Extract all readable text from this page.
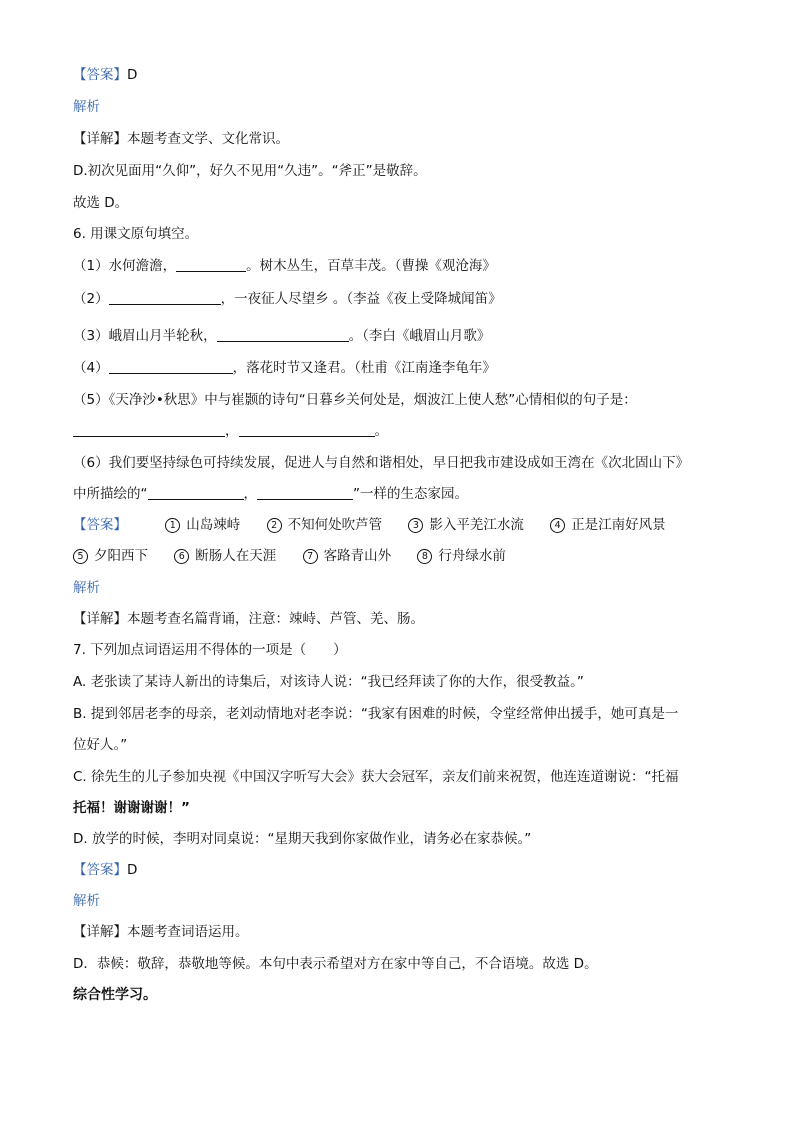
【答案】D
解析
【详解】本题考查文学、文化常识。
D.初次见面用“久仰”，好久不见用“久违”。“斧正”是敬辞。
故选 D。
6. 用课文原句填空。
（1）水何澹澹，	。树木丛生，百草丰茂。（曹操《观沧海》
（2）	，一夜征人尽望乡 。（李益《夜上受降城闻笛》
（3）峨眉山月半轮秋，	。（李白《峨眉山月歌》
（4）	，落花时节又逢君。（杜甫《江南逢李龟年》
（5）《天净沙•秋思》中与崔颢的诗句“日暮乡关何处是，烟波江上使人愁”心情相似的句子是：
，	。
（6）我们要坚持绿色可持续发展，促进人与自然和谐相处，早日把我市建设成如王湾在《次北固山下》
中所描绘的“	，	”一样的生态家园。
【答案】	1 山岛竦峙	2 不知何处吹芦管	3 影入平羌江水流	4 正是江南好风景
5 夕阳西下	6 断肠人在天涯	7 客路青山外	8 行舟绿水前
解析
【详解】本题考查名篇背诵，注意：竦峙、芦管、羌、肠。
7. 下列加点词语运用不得体的一项是（　　）
A. 老张读了某诗人新出的诗集后，对该诗人说：“我已经拜读了你的大作，很受教益。”
B. 提到邻居老李的母亲，老刘动情地对老李说：“我家有困难的时候，令堂经常伸出援手，她可真是一
位好人。”
C. 徐先生的儿子参加央视《中国汉字听写大会》获大会冠军，亲友们前来祝贺，他连连道谢说：“托福
托福！谢谢谢谢！”
D. 放学的时候，李明对同桌说：“星期天我到你家做作业，请务必在家恭候。”
【答案】D
解析
【详解】本题考查词语运用。
D．恭候：敬辞，恭敬地等候。本句中表示希望对方在家中等自己，不合语境。故选 D。
综合性学习。
